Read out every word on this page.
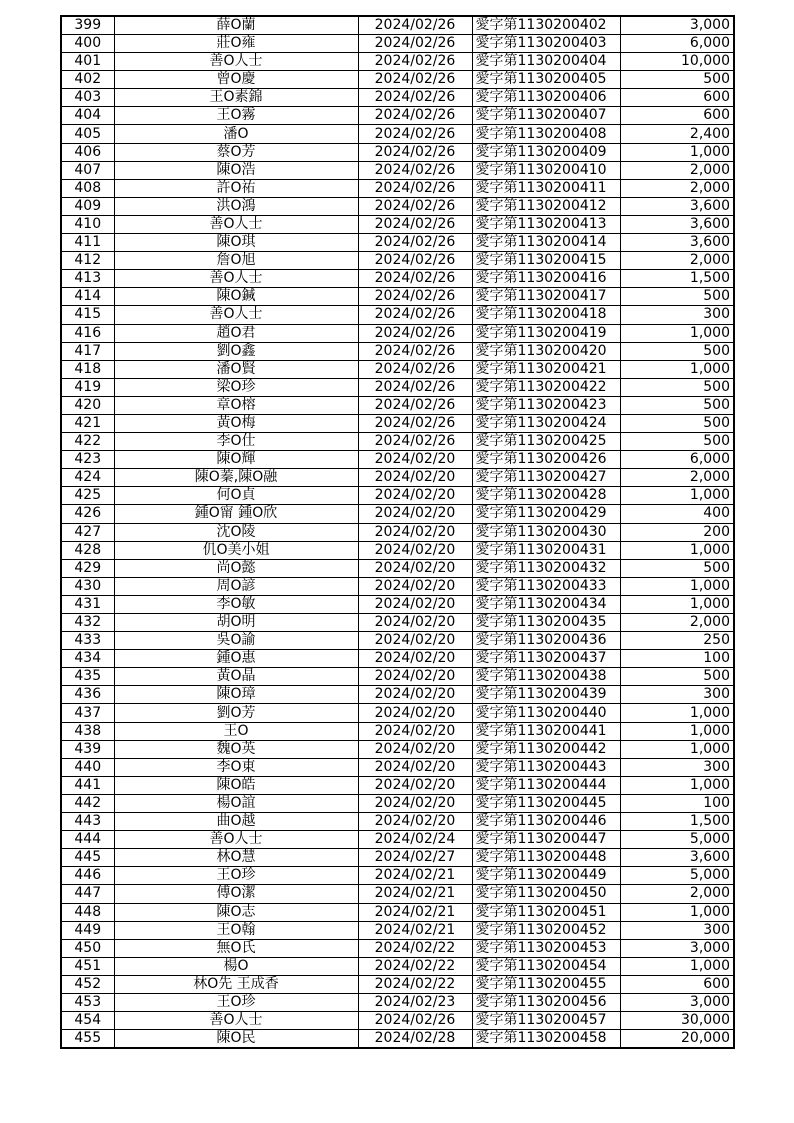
399	薛O蘭	2024/02/26	愛字第1130200402	3,000
400	莊O雍	2024/02/26	愛字第1130200403	6,000
401	善O人士	2024/02/26	愛字第1130200404	10,000
402	曾O慶	2024/02/26	愛字第1130200405	500
403	王O素錦	2024/02/26	愛字第1130200406	600
404	王O霧	2024/02/26	愛字第1130200407	600
405	潘O	2024/02/26	愛字第1130200408	2,400
406	蔡O芳	2024/02/26	愛字第1130200409	1,000
407	陳O浩	2024/02/26	愛字第1130200410	2,000
408	許O祐	2024/02/26	愛字第1130200411	2,000
409	洪O鴻	2024/02/26	愛字第1130200412	3,600
410	善O人士	2024/02/26	愛字第1130200413	3,600
411	陳O琪	2024/02/26	愛字第1130200414	3,600
412	詹O旭	2024/02/26	愛字第1130200415	2,000
413	善O人士	2024/02/26	愛字第1130200416	1,500
414	陳O鍼	2024/02/26	愛字第1130200417	500
415	善O人士	2024/02/26	愛字第1130200418	300
416	趙O君	2024/02/26	愛字第1130200419	1,000
417	劉O鑫	2024/02/26	愛字第1130200420	500
418	潘O賢	2024/02/26	愛字第1130200421	1,000
419	梁O珍	2024/02/26	愛字第1130200422	500
420	章O榕	2024/02/26	愛字第1130200423	500
421	黃O梅	2024/02/26	愛字第1130200424	500
422	李O仕	2024/02/26	愛字第1130200425	500
423	陳O輝	2024/02/20	愛字第1130200426	6,000
424	陳O蓁,陳O融	2024/02/20	愛字第1130200427	2,000
425	何O貞	2024/02/20	愛字第1130200428	1,000
426	鍾O甯 鍾O欣	2024/02/20	愛字第1130200429	400
427	沈O陵	2024/02/20	愛字第1130200430	200
428	仉O美小姐	2024/02/20	愛字第1130200431	1,000
429	尚O懿	2024/02/20	愛字第1130200432	500
430	周O諺	2024/02/20	愛字第1130200433	1,000
431	李O敏	2024/02/20	愛字第1130200434	1,000
432	胡O明	2024/02/20	愛字第1130200435	2,000
433	吳O諭	2024/02/20	愛字第1130200436	250
434	鍾O惠	2024/02/20	愛字第1130200437	100
435	黃O晶	2024/02/20	愛字第1130200438	500
436	陳O璋	2024/02/20	愛字第1130200439	300
437	劉O芳	2024/02/20	愛字第1130200440	1,000
438	王O	2024/02/20	愛字第1130200441	1,000
439	魏O英	2024/02/20	愛字第1130200442	1,000
440	李O東	2024/02/20	愛字第1130200443	300
441	陳O皓	2024/02/20	愛字第1130200444	1,000
442	楊O誼	2024/02/20	愛字第1130200445	100
443	曲O越	2024/02/20	愛字第1130200446	1,500
444	善O人士	2024/02/24	愛字第1130200447	5,000
445	林O慧	2024/02/27	愛字第1130200448	3,600
446	王O珍	2024/02/21	愛字第1130200449	5,000
447	傅O潔	2024/02/21	愛字第1130200450	2,000
448	陳O志	2024/02/21	愛字第1130200451	1,000
449	王O翰	2024/02/21	愛字第1130200452	300
450	無O氏	2024/02/22	愛字第1130200453	3,000
451	楊O	2024/02/22	愛字第1130200454	1,000
452	林O先 王成香	2024/02/22	愛字第1130200455	600
453	王O珍	2024/02/23	愛字第1130200456	3,000
454	善O人士	2024/02/26	愛字第1130200457	30,000
455	陳O民	2024/02/28	愛字第1130200458	20,000
